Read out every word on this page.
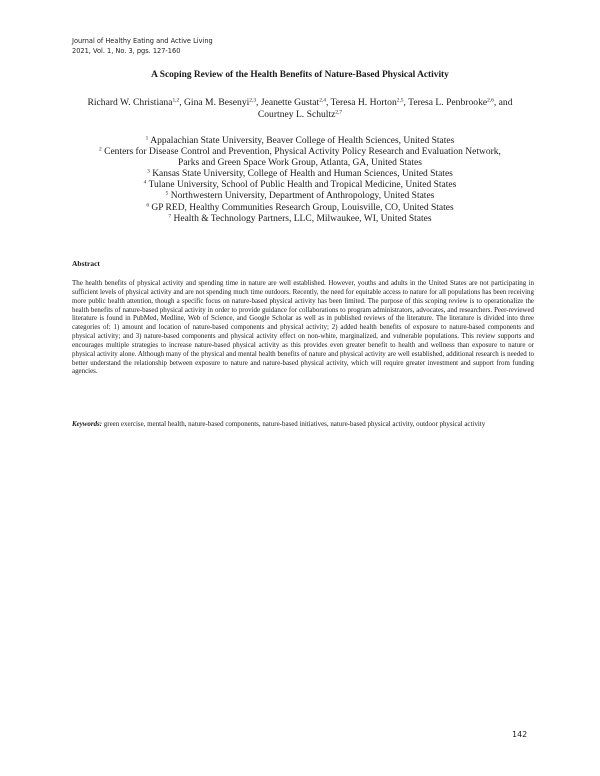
Journal of Healthy Eating and Active Living
2021, Vol. 1, No. 3, pgs. 127-160
A Scoping Review of the Health Benefits of Nature-Based Physical Activity
Richard W. Christiana$^{1,2}$, Gina M. Besenyi$^{2,3}$, Jeanette Gustat$^{2,4}$, Teresa H. Horton$^{2,5}$, Teresa L. Penbrooke$^{2,6}$, and Courtney L. Schultz$^{2,7}$
$^1$ Appalachian State University, Beaver College of Health Sciences, United States
$^2$ Centers for Disease Control and Prevention, Physical Activity Policy Research and Evaluation Network,
Parks and Green Space Work Group, Atlanta, GA, United States
$^3$ Kansas State University, College of Health and Human Sciences, United States
$^4$ Tulane University, School of Public Health and Tropical Medicine, United States
$^5$ Northwestern University, Department of Anthropology, United States
$^6$ GP RED, Healthy Communities Research Group, Louisville, CO, United States
$^7$ Health & Technology Partners, LLC, Milwaukee, WI, United States
Abstract
The health benefits of physical activity and spending time in nature are well established. However, youths and adults in the United States are not participating in sufficient levels of physical activity and are not spending much time outdoors. Recently, the need for equitable access to nature for all populations has been receiving more public health attention, though a specific focus on nature-based physical activity has been limited. The purpose of this scoping review is to operationalize the health benefits of nature-based physical activity in order to provide guidance for collaborations to program administrators, advocates, and researchers. Peer-reviewed literature is found in PubMed, Medline, Web of Science, and Google Scholar as well as in published reviews of the literature. The literature is divided into three categories of: 1) amount and location of nature-based components and physical activity; 2) added health benefits of exposure to nature-based components and physical activity; and 3) nature-based components and physical activity effect on non-white, marginalized, and vulnerable populations. This review supports and encourages multiple strategies to increase nature-based physical activity as this provides even greater benefit to health and wellness than exposure to nature or physical activity alone. Although many of the physical and mental health benefits of nature and physical activity are well established, additional research is needed to better understand the relationship between exposure to nature and nature-based physical activity, which will require greater investment and support from funding agencies.
Keywords: green exercise, mental health, nature-based components, nature-based initiatives, nature-based physical activity, outdoor physical activity
142
